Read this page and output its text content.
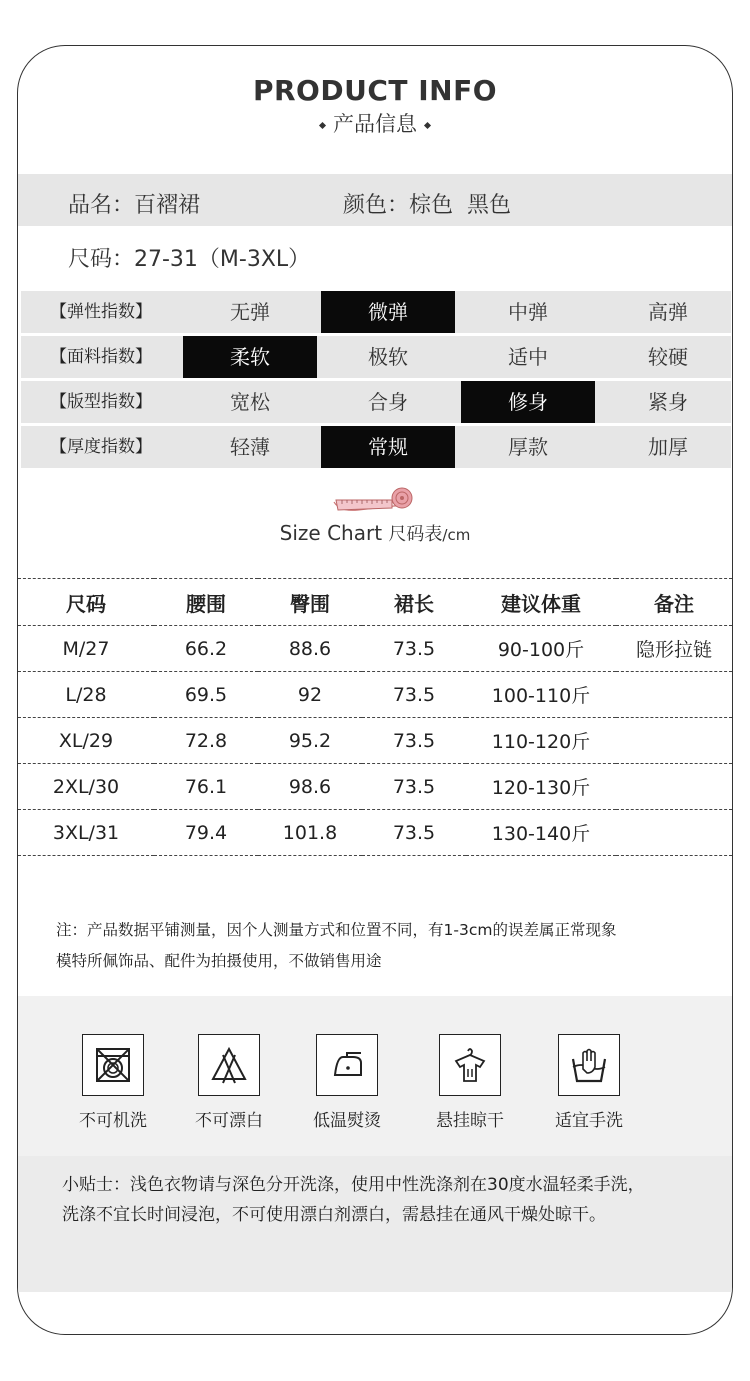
PRODUCT INFO
产品信息
品名：百褶裙	颜色：棕色  黑色
尺码：27-31（M-3XL）
【弹性指数】	无弹	微弹	中弹	高弹
【面料指数】	柔软	极软	适中	较硬
【版型指数】	宽松	合身	修身	紧身
【厚度指数】	轻薄	常规	厚款	加厚
Size Chart 尺码表/cm
尺码	腰围	臀围	裙长	建议体重	备注
M/27	66.2	88.6	73.5	90-100斤	隐形拉链
L/28	69.5	92	73.5	100-110斤	
XL/29	72.8	95.2	73.5	110-120斤	
2XL/30	76.1	98.6	73.5	120-130斤	
3XL/31	79.4	101.8	73.5	130-140斤	
注：产品数据平铺测量，因个人测量方式和位置不同，有1-3cm的误差属正常现象
模特所佩饰品、配件为拍摄使用，不做销售用途
不可机洗	不可漂白	低温熨烫	悬挂晾干	适宜手洗

小贴士：浅色衣物请与深色分开洗涤，使用中性洗涤剂在30度水温轻柔手洗，

洗涤不宜长时间浸泡，不可使用漂白剂漂白，需悬挂在通风干燥处晾干。
